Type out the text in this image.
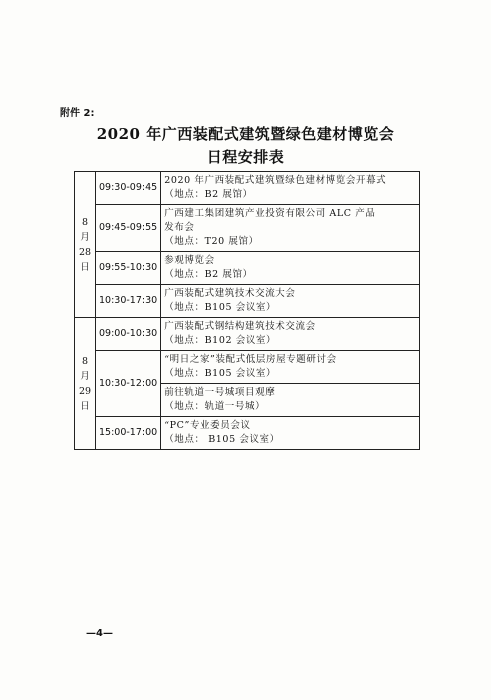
附件 2:
2020 年广西装配式建筑暨绿色建材博览会
日程安排表
8
月
28
日	09:30-09:45	2020 年广西装配式建筑暨绿色建材博览会开幕式
（地点：B2 展馆）

	09:45-09:55	广西建工集团建筑产业投资有限公司 ALC 产品
发布会
（地点：T20 展馆）

	09:55-10:30	参观博览会
（地点：B2 展馆）

	10:30-17:30	广西装配式建筑技术交流大会
（地点：B105 会议室）

8
月
29
日	09:00-10:30	广西装配式钢结构建筑技术交流会
（地点：B102 会议室）

	10:30-12:00	“明日之家”装配式低层房屋专题研讨会
（地点：B105 会议室）

		前往轨道一号城项目观摩
（地点：轨道一号城）

	15:00-17:00	“PC”专业委员会议
（地点： B105 会议室）
—4—
